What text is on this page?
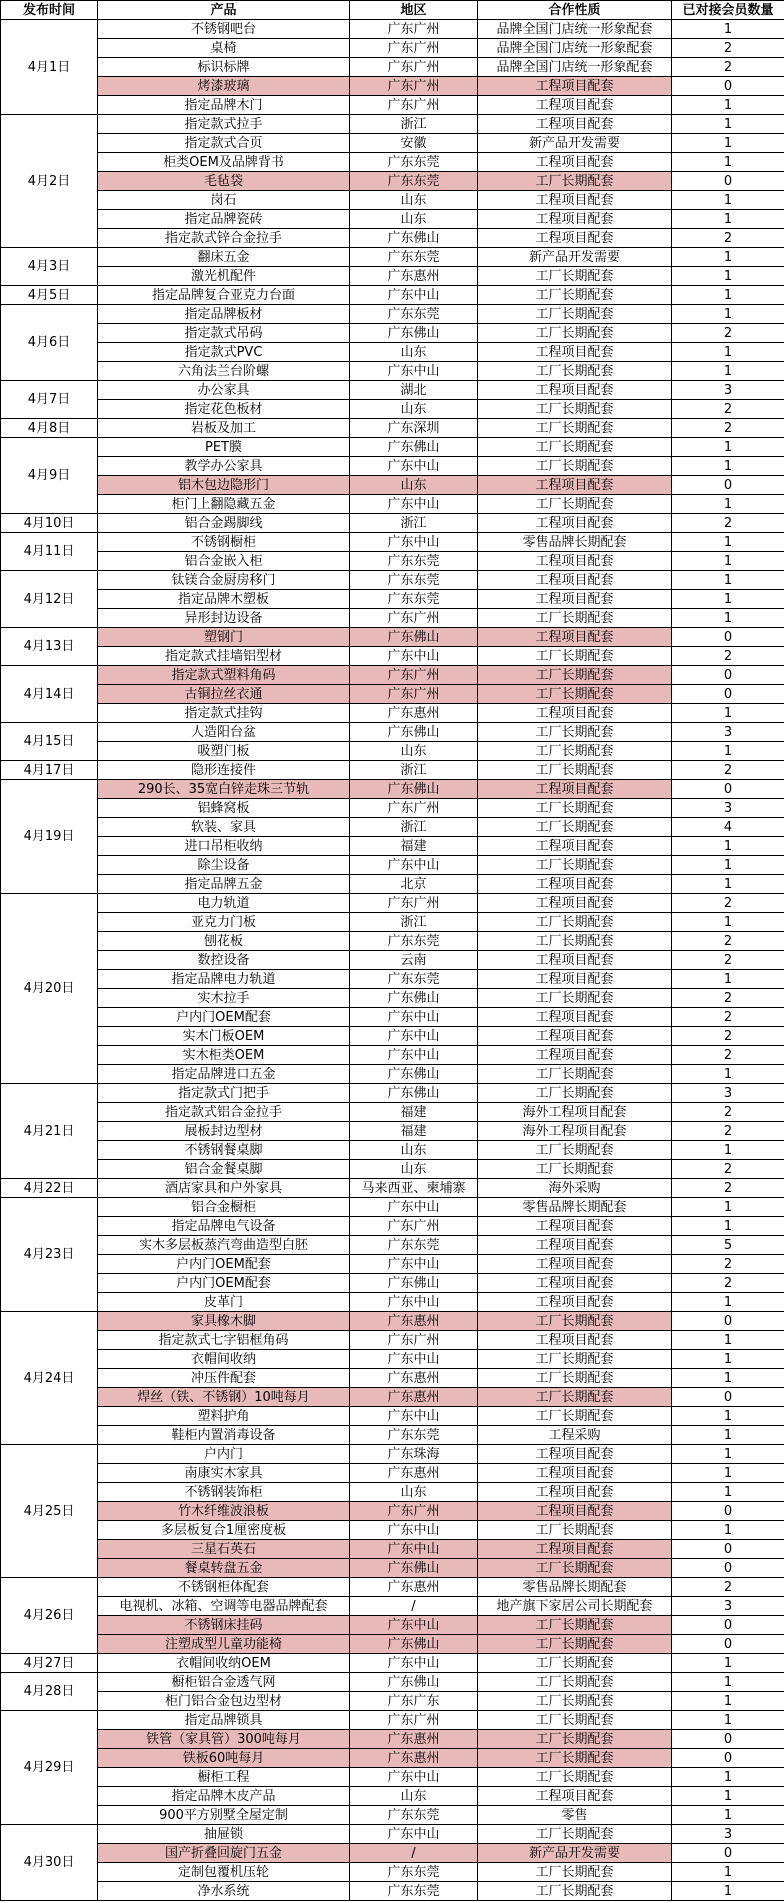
发布时间	产品	地区	合作性质	已对接会员数量
4月1日	不锈钢吧台	广东广州	品牌全国门店统一形象配套	1
	桌椅	广东广州	品牌全国门店统一形象配套	2
	标识标牌	广东广州	品牌全国门店统一形象配套	2
	烤漆玻璃	广东广州	工程项目配套	0
	指定品牌木门	广东广州	工程项目配套	1
4月2日	指定款式拉手	浙江	工程项目配套	1
	指定款式合页	安徽	新产品开发需要	1
	柜类OEM及品牌背书	广东东莞	工程项目配套	1
	毛毡袋	广东东莞	工厂长期配套	0
	岗石	山东	工程项目配套	1
	指定品牌瓷砖	山东	工程项目配套	1
	指定款式锌合金拉手	广东佛山	工程项目配套	2
4月3日	翻床五金	广东东莞	新产品开发需要	1
	激光机配件	广东惠州	工厂长期配套	1
4月5日	指定品牌复合亚克力台面	广东中山	工厂长期配套	1
4月6日	指定品牌板材	广东东莞	工厂长期配套	1
	指定款式吊码	广东佛山	工厂长期配套	2
	指定款式PVC	山东	工程项目配套	1
	六角法兰台阶螺	广东中山	工厂长期配套	1
4月7日	办公家具	湖北	工程项目配套	3
	指定花色板材	山东	工厂长期配套	2
4月8日	岩板及加工	广东深圳	工厂长期配套	2
4月9日	PET膜	广东佛山	工厂长期配套	1
	教学办公家具	广东中山	工厂长期配套	1
	铝木包边隐形门	山东	工程项目配套	0
	柜门上翻隐藏五金	广东中山	工厂长期配套	1
4月10日	铝合金踢脚线	浙江	工程项目配套	2
4月11日	不锈钢橱柜	广东中山	零售品牌长期配套	1
	铝合金嵌入柜	广东东莞	工程项目配套	1
4月12日	钛镁合金厨房移门	广东东莞	工程项目配套	1
	指定品牌木塑板	广东东莞	工程项目配套	1
	异形封边设备	广东广州	工厂长期配套	1
4月13日	塑钢门	广东佛山	工程项目配套	0
	指定款式挂墙铝型材	广东中山	工厂长期配套	2
4月14日	指定款式塑料角码	广东广州	工厂长期配套	0
	古铜拉丝衣通	广东广州	工厂长期配套	0
	指定款式挂钩	广东惠州	工程项目配套	1
4月15日	人造阳台盆	广东佛山	工厂长期配套	3
	吸塑门板	山东	工厂长期配套	1
4月17日	隐形连接件	浙江	工厂长期配套	2
4月19日	290长、35宽白锌走珠三节轨	广东佛山	工程项目配套	0
	铝蜂窝板	广东广州	工厂长期配套	3
	软装、家具	浙江	工厂长期配套	4
	进口吊柜收纳	福建	工程项目配套	1
	除尘设备	广东中山	工厂长期配套	1
	指定品牌五金	北京	工程项目配套	1
4月20日	电力轨道	广东广州	工程项目配套	2
	亚克力门板	浙江	工厂长期配套	1
	刨花板	广东东莞	工厂长期配套	2
	数控设备	云南	工程项目配套	2
	指定品牌电力轨道	广东东莞	工程项目配套	1
	实木拉手	广东佛山	工厂长期配套	2
	户内门OEM配套	广东中山	工程项目配套	2
	实木门板OEM	广东中山	工程项目配套	2
	实木柜类OEM	广东中山	工程项目配套	2
	指定品牌进口五金	广东佛山	工厂长期配套	1
4月21日	指定款式门把手	广东佛山	工厂长期配套	3
	指定款式铝合金拉手	福建	海外工程项目配套	2
	展板封边型材	福建	海外工程项目配套	2
	不锈钢餐桌脚	山东	工厂长期配套	1
	铝合金餐桌脚	山东	工厂长期配套	2
4月22日	酒店家具和户外家具	马来西亚、柬埔寨	海外采购	2
4月23日	铝合金橱柜	广东中山	零售品牌长期配套	1
	指定品牌电气设备	广东广州	工程项目配套	1
	实木多层板蒸汽弯曲造型白胚	广东东莞	工程项目配套	5
	户内门OEM配套	广东中山	工程项目配套	2
	户内门OEM配套	广东佛山	工程项目配套	2
	皮革门	广东中山	工程项目配套	1
4月24日	家具橡木脚	广东惠州	工厂长期配套	0
	指定款式七字铝框角码	广东广州	工程项目配套	1
	衣帽间收纳	广东中山	工厂长期配套	1
	冲压件配套	广东惠州	工厂长期配套	1
	焊丝（铁、不锈钢）10吨每月	广东惠州	工厂长期配套	0
	塑料护角	广东中山	工厂长期配套	1
	鞋柜内置消毒设备	广东东莞	工程采购	1
4月25日	户内门	广东珠海	工程项目配套	1
	南康实木家具	广东惠州	工程项目配套	1
	不锈钢装饰柜	山东	工程项目配套	1
	竹木纤维波浪板	广东广州	工程项目配套	0
	多层板复合1厘密度板	广东中山	工厂长期配套	1
	三星石英石	广东中山	工程项目配套	0
	餐桌转盘五金	广东佛山	工厂长期配套	0
4月26日	不锈钢柜体配套	广东惠州	零售品牌长期配套	2
	电视机、冰箱、空调等电器品牌配套	/	地产旗下家居公司长期配套	3
	不锈钢床挂码	广东中山	工厂长期配套	0
	注塑成型儿童功能椅	广东佛山	工厂长期配套	0
4月27日	衣帽间收纳OEM	广东中山	工厂长期配套	1
4月28日	橱柜铝合金透气网	广东佛山	工厂长期配套	1
	柜门铝合金包边型材	广东广东	工厂长期配套	1
4月29日	指定品牌锁具	广东广州	工厂长期配套	1
	铁管（家具管）300吨每月	广东惠州	工厂长期配套	0
	铁板60吨每月	广东惠州	工厂长期配套	0
	橱柜工程	广东中山	工厂长期配套	1
	指定品牌木皮产品	山东	工程项目配套	1
	900平方别墅全屋定制	广东东莞	零售	1
4月30日	抽屉锁	广东中山	工厂长期配套	3
	国产折叠回旋门五金	/	新产品开发需要	0
	定制包覆机压轮	广东东莞	工厂长期配套	1
	净水系统	广东东莞	工厂长期配套	1
